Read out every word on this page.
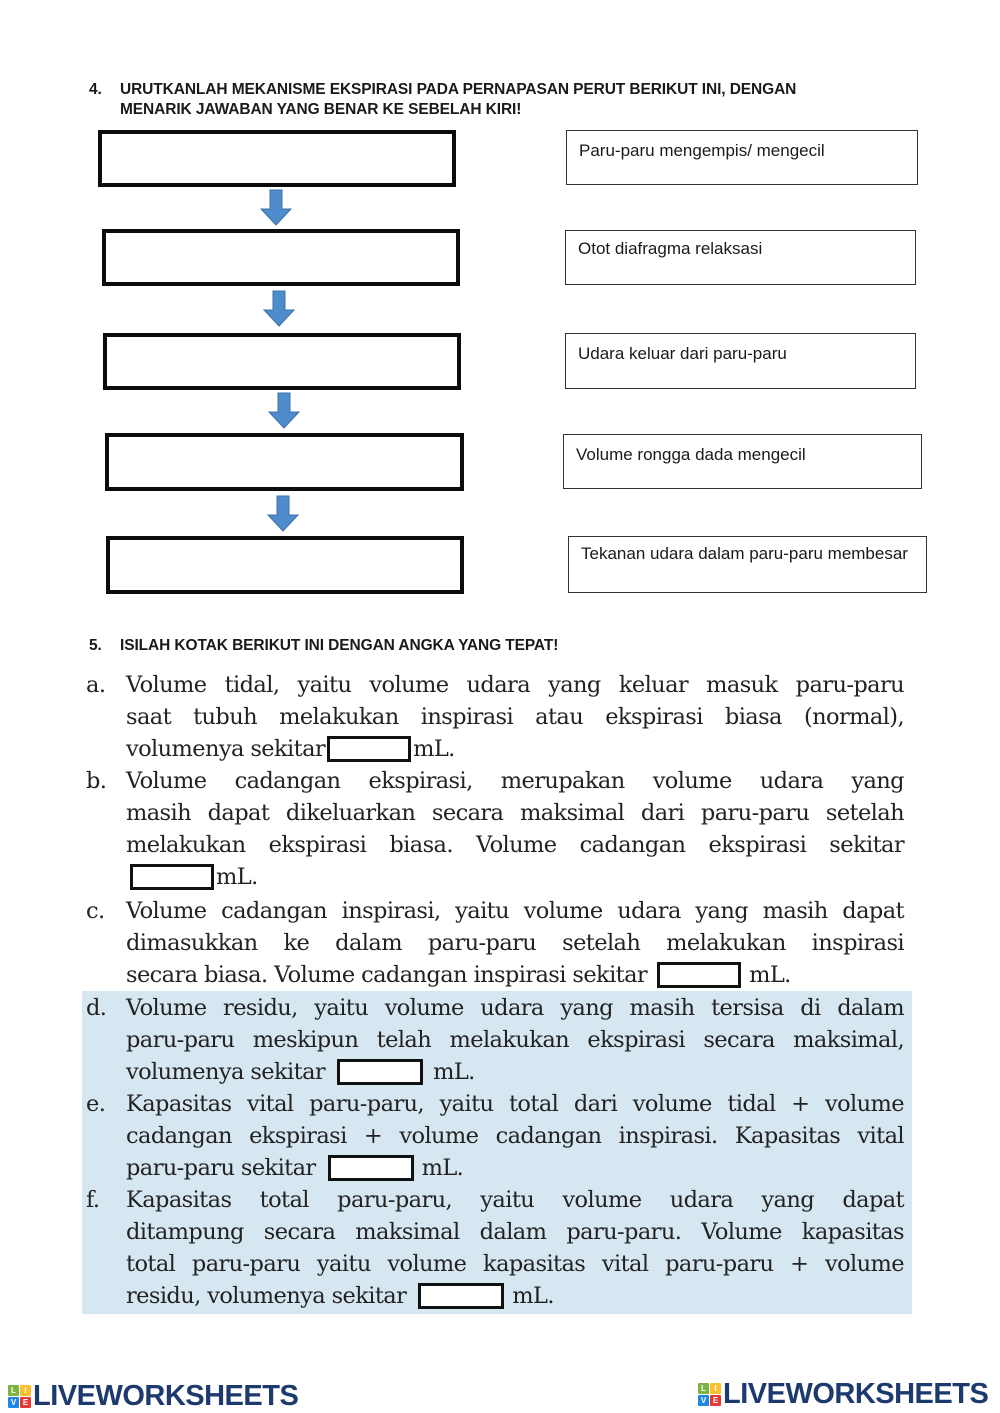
4. URUTKANLAH MEKANISME EKSPIRASI PADA PERNAPASAN PERUT BERIKUT INI, DENGAN
MENARIK JAWABAN YANG BENAR KE SEBELAH KIRI!
Paru-paru mengempis/ mengecil
Otot diafragma relaksasi
Udara keluar dari paru-paru
Volume rongga dada mengecil
Tekanan udara dalam paru-paru membesar
5. ISILAH KOTAK BERIKUT INI DENGAN ANGKA YANG TEPAT!
a. Volume tidal, yaitu volume udara yang keluar masuk paru-paru
saat tubuh melakukan inspirasi atau ekspirasi biasa (normal),
volumenya sekitar	mL.
b. Volume cadangan ekspirasi, merupakan volume udara yang
masih dapat dikeluarkan secara maksimal dari paru-paru setelah
melakukan ekspirasi biasa. Volume cadangan ekspirasi sekitar
mL.
c. Volume cadangan inspirasi, yaitu volume udara yang masih dapat
dimasukkan ke dalam paru-paru setelah melakukan inspirasi
secara biasa. Volume cadangan inspirasi sekitar	mL.
d. Volume residu, yaitu volume udara yang masih tersisa di dalam
paru-paru meskipun telah melakukan ekspirasi secara maksimal,
volumenya sekitar	mL.
e. Kapasitas vital paru-paru, yaitu total dari volume tidal + volume
cadangan ekspirasi + volume cadangan inspirasi. Kapasitas vital
paru-paru sekitar	mL.
f. Kapasitas total paru-paru, yaitu volume udara yang dapat
ditampung secara maksimal dalam paru-paru. Volume kapasitas
total paru-paru yaitu volume kapasitas vital paru-paru + volume
residu, volumenya sekitar	mL.
L	I
V E LIVEWORKSHEETS	L	I
V E LIVEWORKSHEETS
